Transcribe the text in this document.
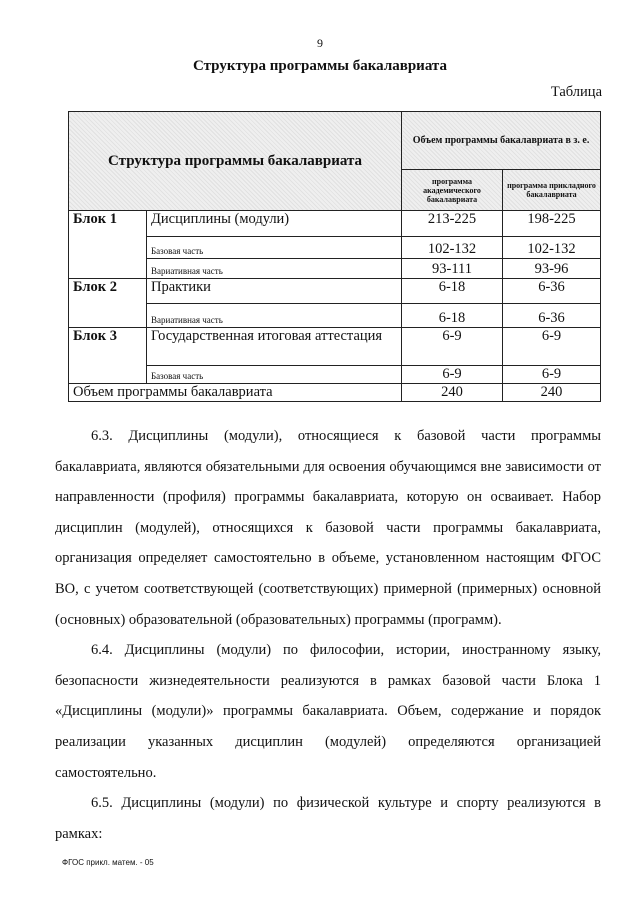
9
Структура программы бакалавриата
Таблица
Структура программы бакалавриата		Объем программы бакалавриата в з. е.	
		программа академического бакалавриата	программа прикладного бакалавриата
Блок 1	Дисциплины (модули)	213-225	198-225
	Базовая часть	102-132	102-132
	Вариативная часть	93-111	93-96
Блок 2	Практики	6-18	6-36
	Вариативная часть	6-18	6-36
Блок 3	Государственная итоговая аттестация	6-9	6-9
	Базовая часть	6-9	6-9
Объем программы бакалавриата		240	240

6.3. Дисциплины (модули), относящиеся к базовой части программы бакалавриата, являются обязательными для освоения обучающимся вне зависимости от направленности (профиля) программы бакалавриата, которую он осваивает. Набор дисциплин (модулей), относящихся к базовой части программы бакалавриата, организация определяет самостоятельно в объеме, установленном настоящим ФГОС ВО, с учетом соответствующей (соответствующих) примерной (примерных) основной (основных) образовательной (образовательных) программы (программ).

6.4. Дисциплины (модули) по философии, истории, иностранному языку, безопасности жизнедеятельности реализуются в рамках базовой части Блока 1 «Дисциплины (модули)» программы бакалавриата. Объем, содержание и порядок реализации указанных дисциплин (модулей) определяются организацией самостоятельно.

6.5. Дисциплины (модули) по физической культуре и спорту реализуются в рамках:

ФГОС прикл. матем. - 05
